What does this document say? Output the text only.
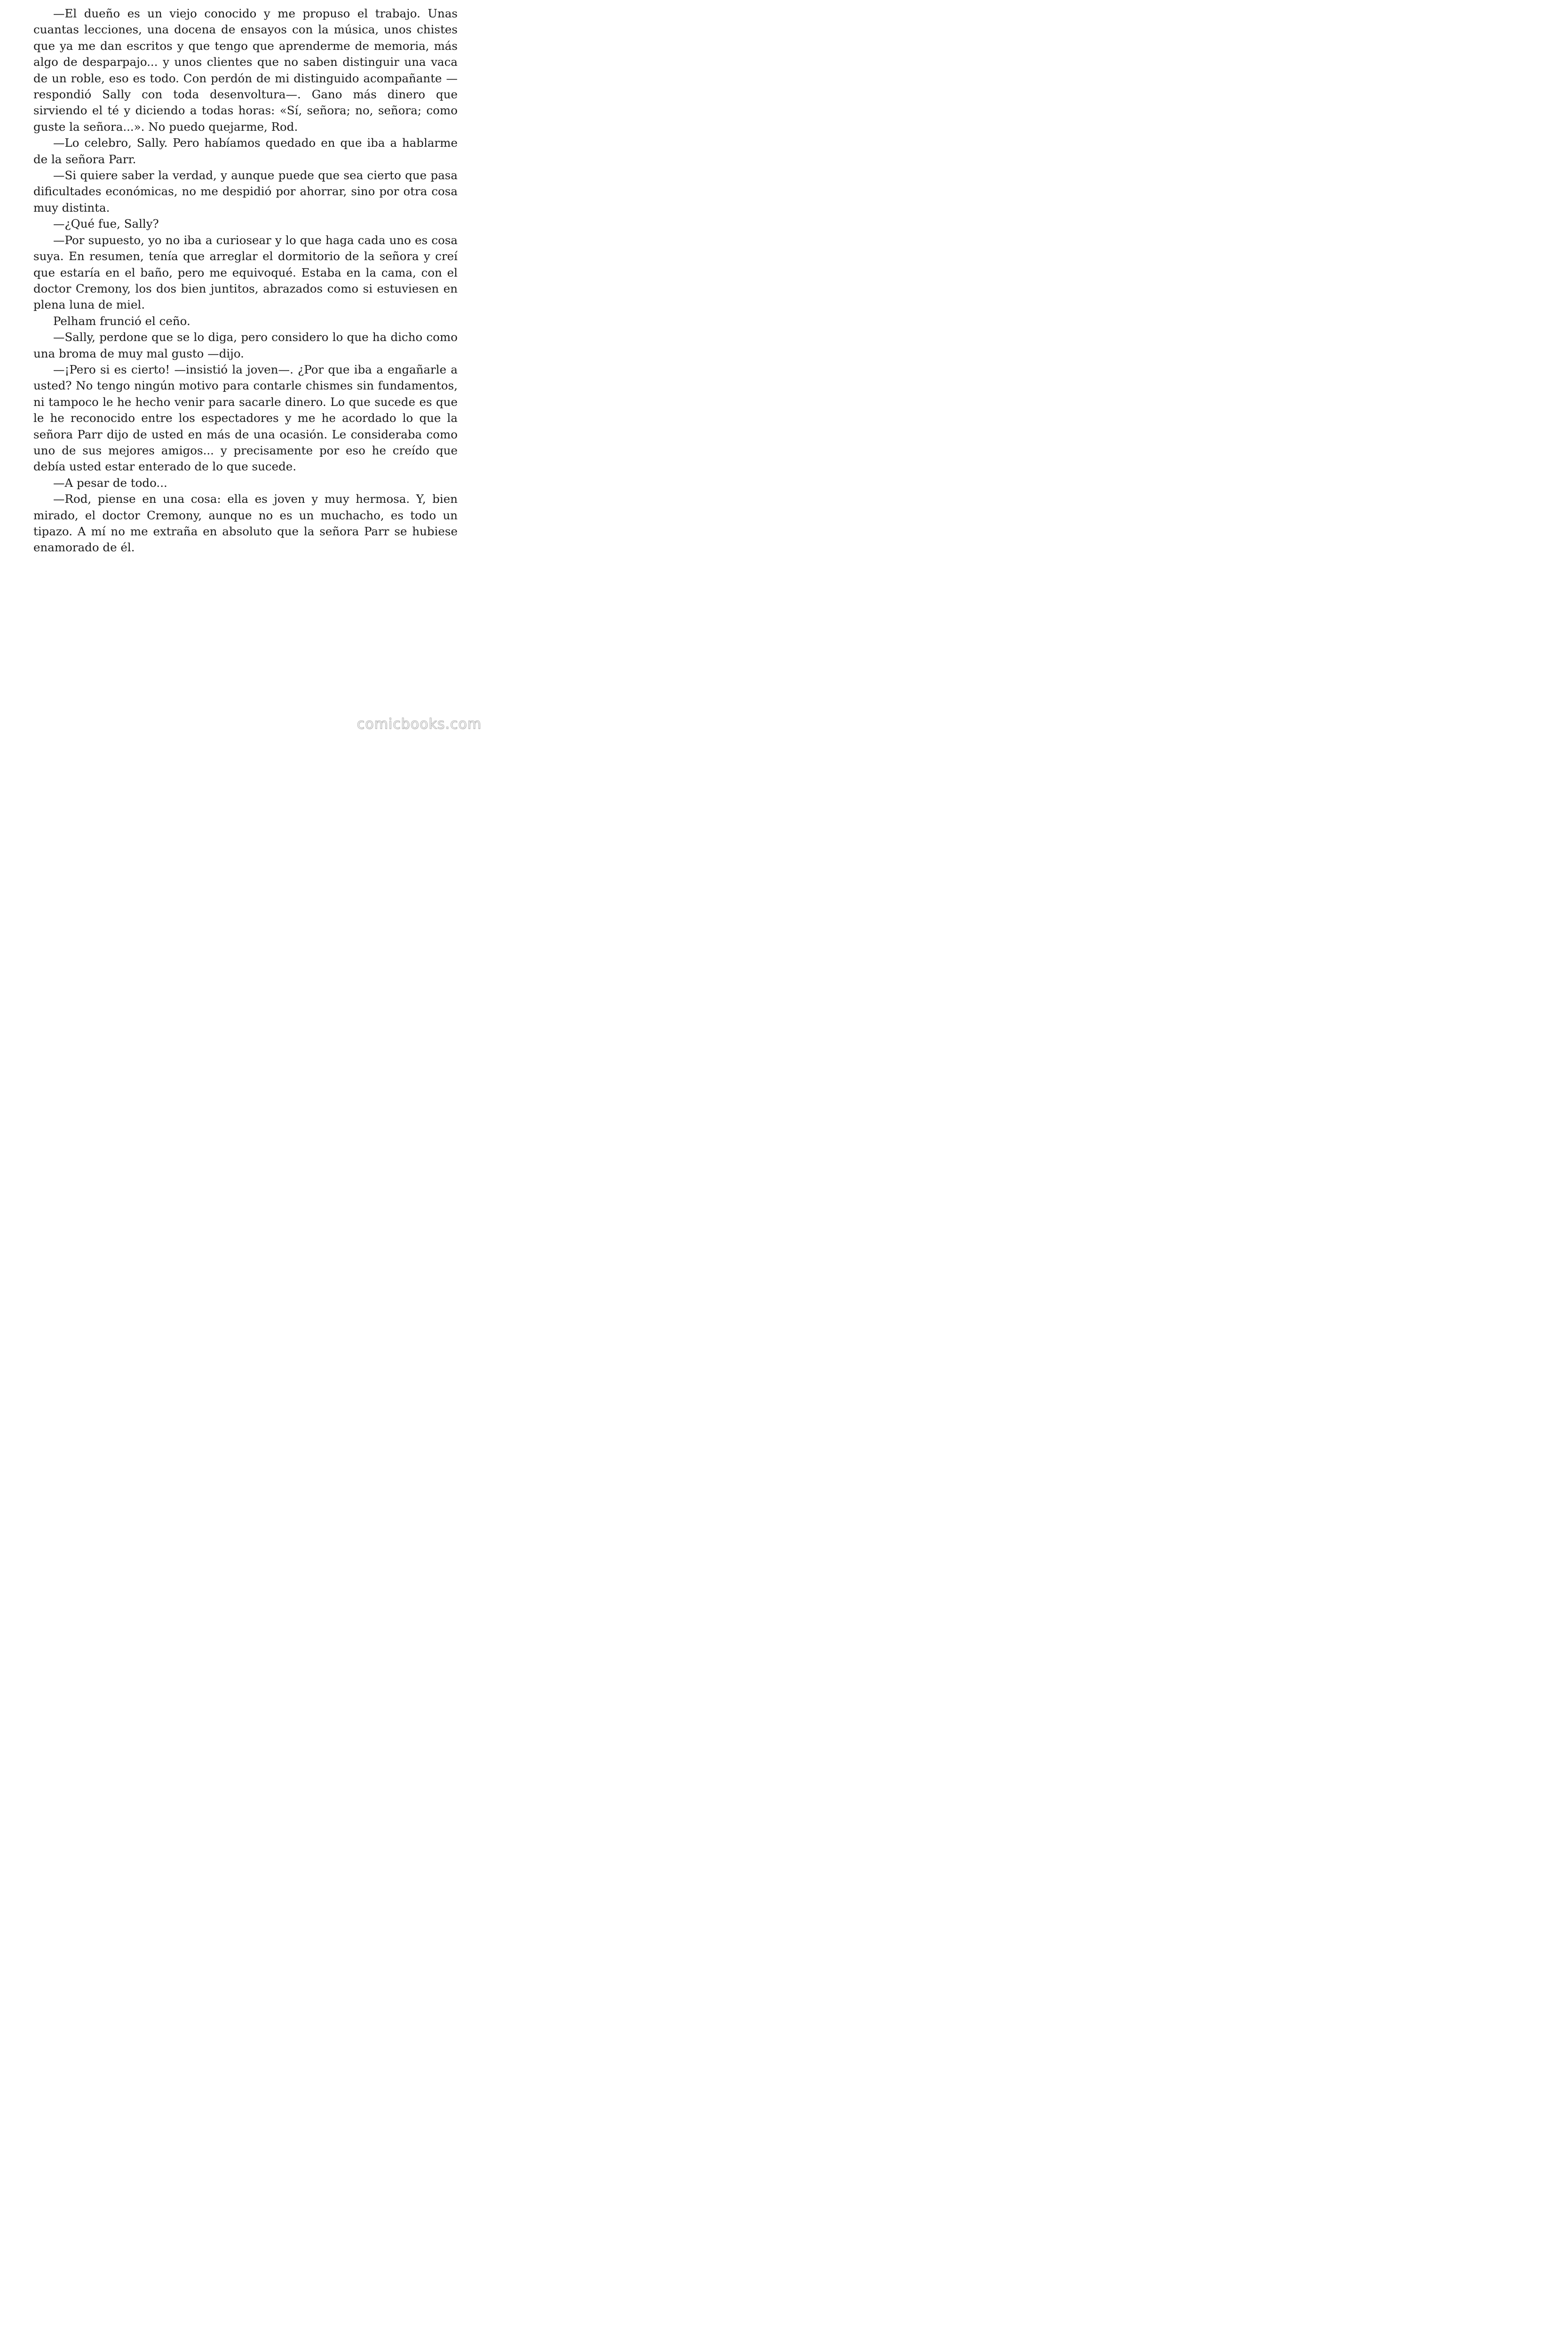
—El dueño es un viejo conocido y me propuso el trabajo. Unas cuantas lecciones, una docena de ensayos con la música, unos chistes que ya me dan escritos y que tengo que aprenderme de memoria, más algo de desparpajo... y unos clientes que no saben distinguir una vaca de un roble, eso es todo. Con perdón de mi distinguido acompañante —respondió Sally con toda desenvoltura—. Gano más dinero que sirviendo el té y diciendo a todas horas: «Sí, señora; no, señora; como guste la señora...». No puedo quejarme, Rod.

—Lo celebro, Sally. Pero habíamos quedado en que iba a hablarme de la señora Parr.

—Si quiere saber la verdad, y aunque puede que sea cierto que pasa dificultades económicas, no me despidió por ahorrar, sino por otra cosa muy distinta.

—¿Qué fue, Sally?

—Por supuesto, yo no iba a curiosear y lo que haga cada uno es cosa suya. En resumen, tenía que arreglar el dormitorio de la señora y creí que estaría en el baño, pero me equivoqué. Estaba en la cama, con el doctor Cremony, los dos bien juntitos, abrazados como si estuviesen en plena luna de miel.

Pelham frunció el ceño.

—Sally, perdone que se lo diga, pero considero lo que ha dicho como una broma de muy mal gusto —dijo.

—¡Pero si es cierto! —insistió la joven—. ¿Por que iba a engañarle a usted? No tengo ningún motivo para contarle chismes sin fundamentos, ni tampoco le he hecho venir para sacarle dinero. Lo que sucede es que le he reconocido entre los espectadores y me he acordado lo que la señora Parr dijo de usted en más de una ocasión. Le consideraba como uno de sus mejores amigos... y precisamente por eso he creído que debía usted estar enterado de lo que sucede.

—A pesar de todo...

—Rod, piense en una cosa: ella es joven y muy hermosa. Y, bien mirado, el doctor Cremony, aunque no es un muchacho, es todo un tipazo. A mí no me extraña en absoluto que la señora Parr se hubiese enamorado de él.

comicbooks.com
